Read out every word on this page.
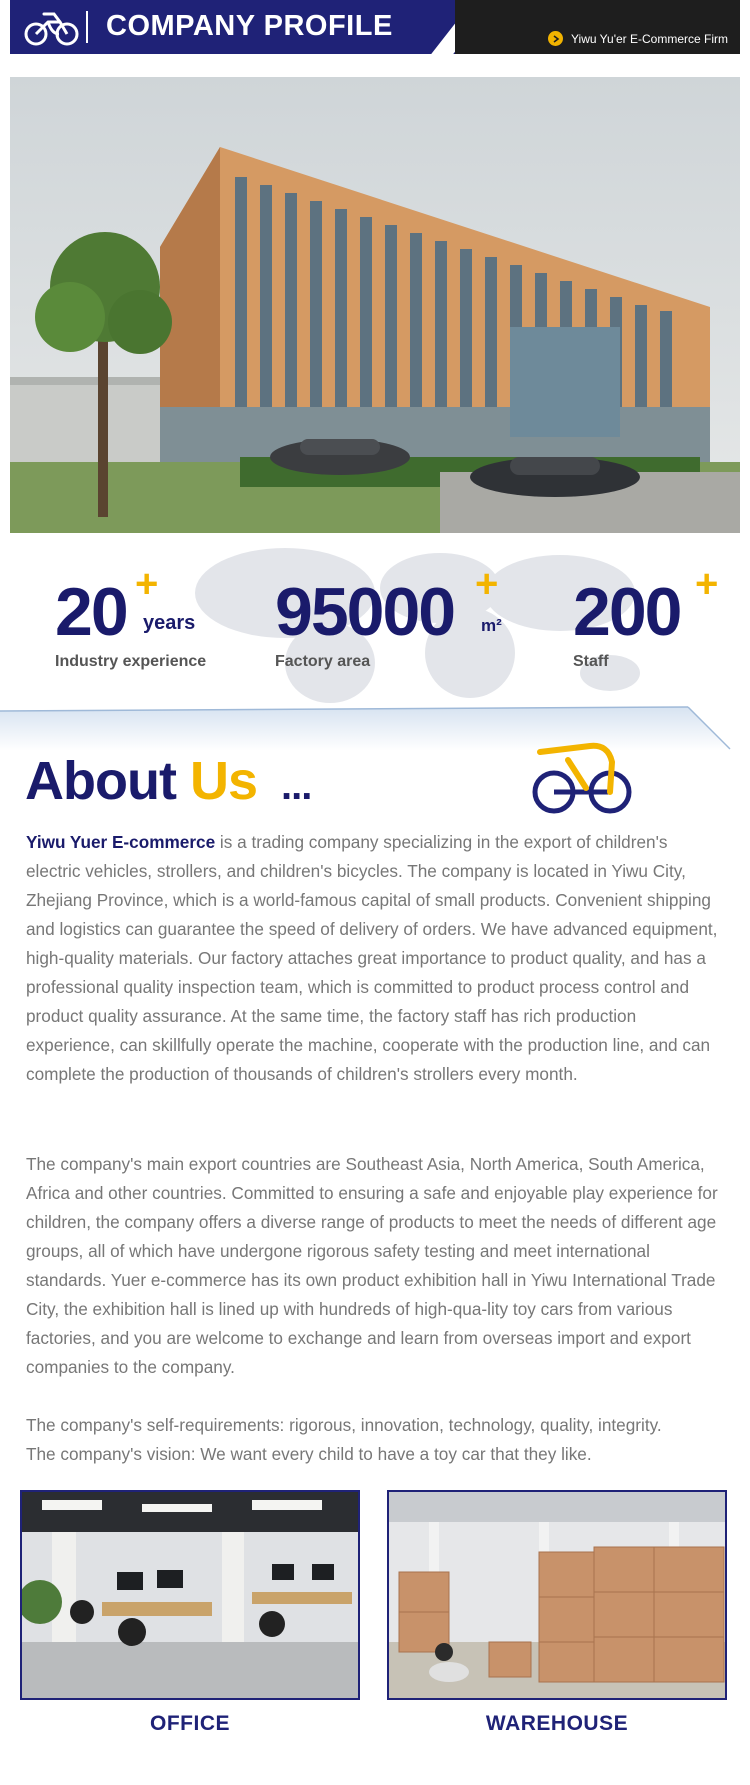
COMPANY PROFILE	Yiwu Yu'er E-Commerce Firm
20 +
years
Industry experience
95000 +
m²
Factory area
200 +
Staff
About Us ...

Yiwu Yuer E-commerce is a trading company specializing in the export of children's electric vehicles, strollers, and children's bicycles. The company is located in Yiwu City, Zhejiang Province, which is a world-famous capital of small products. Convenient shipping and logistics can guarantee the speed of delivery of orders. We have advanced equipment, high-quality materials. Our factory attaches great importance to product quality, and has a professional quality inspection team, which is committed to product process control and product quality assurance. At the same time, the factory staff has rich production experience, can skillfully operate the machine, cooperate with the production line, and can complete the production of thousands of children's strollers every month.

The company's main export countries are Southeast Asia, North America, South America, Africa and other countries. Committed to ensuring a safe and enjoyable play experience for children, the company offers a diverse range of products to meet the needs of different age groups, all of which have undergone rigorous safety testing and meet international standards. Yuer e-commerce has its own product exhibition hall in Yiwu International Trade City, the exhibition hall is lined up with hundreds of high-qua-lity toy cars from various factories, and you are welcome to exchange and learn from overseas import and export companies to the company.

The company's self-requirements: rigorous, innovation, technology, quality, integrity.
The company's vision: We want every child to have a toy car that they like.

OFFICE	WAREHOUSE
